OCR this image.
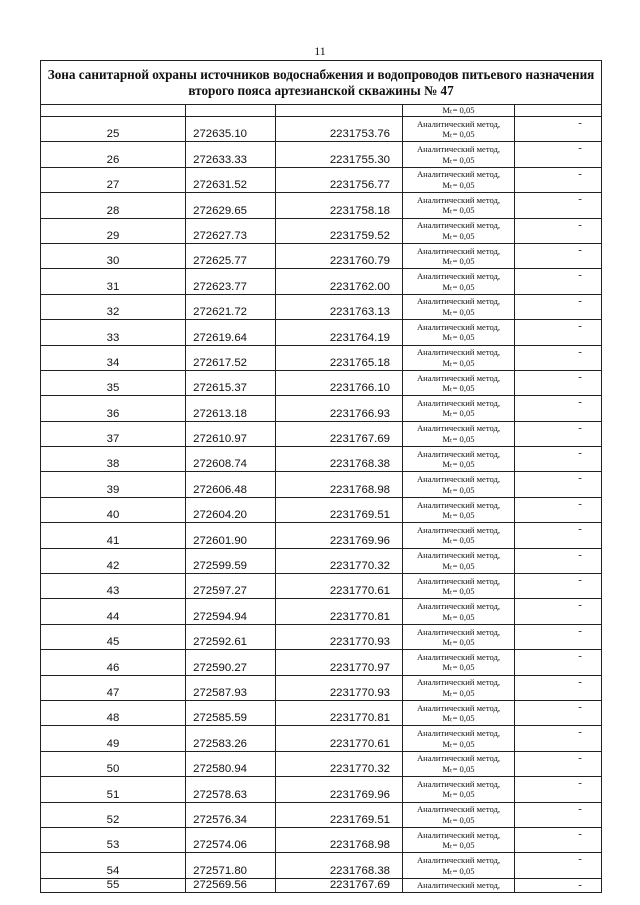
11
Зона санитарной охраны источников водоснабжения и водопроводов питьевого назначения второго пояса артезианской скважины № 47				
			Mₜ= 0,05	
25	272635.10	2231753.76	Аналитический метод,
Mₜ= 0,05	-
26	272633.33	2231755.30	Аналитический метод,
Mₜ= 0,05	-
27	272631.52	2231756.77	Аналитический метод,
Mₜ= 0,05	-
28	272629.65	2231758.18	Аналитический метод,
Mₜ= 0,05	-
29	272627.73	2231759.52	Аналитический метод,
Mₜ= 0,05	-
30	272625.77	2231760.79	Аналитический метод,
Mₜ= 0,05	-
31	272623.77	2231762.00	Аналитический метод,
Mₜ= 0,05	-
32	272621.72	2231763.13	Аналитический метод,
Mₜ= 0,05	-
33	272619.64	2231764.19	Аналитический метод,
Mₜ= 0,05	-
34	272617.52	2231765.18	Аналитический метод,
Mₜ= 0,05	-
35	272615.37	2231766.10	Аналитический метод,
Mₜ= 0,05	-
36	272613.18	2231766.93	Аналитический метод,
Mₜ= 0,05	-
37	272610.97	2231767.69	Аналитический метод,
Mₜ= 0,05	-
38	272608.74	2231768.38	Аналитический метод,
Mₜ= 0,05	-
39	272606.48	2231768.98	Аналитический метод,
Mₜ= 0,05	-
40	272604.20	2231769.51	Аналитический метод,
Mₜ= 0,05	-
41	272601.90	2231769.96	Аналитический метод,
Mₜ= 0,05	-
42	272599.59	2231770.32	Аналитический метод,
Mₜ= 0,05	-
43	272597.27	2231770.61	Аналитический метод,
Mₜ= 0,05	-
44	272594.94	2231770.81	Аналитический метод,
Mₜ= 0,05	-
45	272592.61	2231770.93	Аналитический метод,
Mₜ= 0,05	-
46	272590.27	2231770.97	Аналитический метод,
Mₜ= 0,05	-
47	272587.93	2231770.93	Аналитический метод,
Mₜ= 0,05	-
48	272585.59	2231770.81	Аналитический метод,
Mₜ= 0,05	-
49	272583.26	2231770.61	Аналитический метод,
Mₜ= 0,05	-
50	272580.94	2231770.32	Аналитический метод,
Mₜ= 0,05	-
51	272578.63	2231769.96	Аналитический метод,
Mₜ= 0,05	-
52	272576.34	2231769.51	Аналитический метод,
Mₜ= 0,05	-
53	272574.06	2231768.98	Аналитический метод,
Mₜ= 0,05	-
54	272571.80	2231768.38	Аналитический метод,
Mₜ= 0,05	-
55	272569.56	2231767.69	Аналитический метод,	-
